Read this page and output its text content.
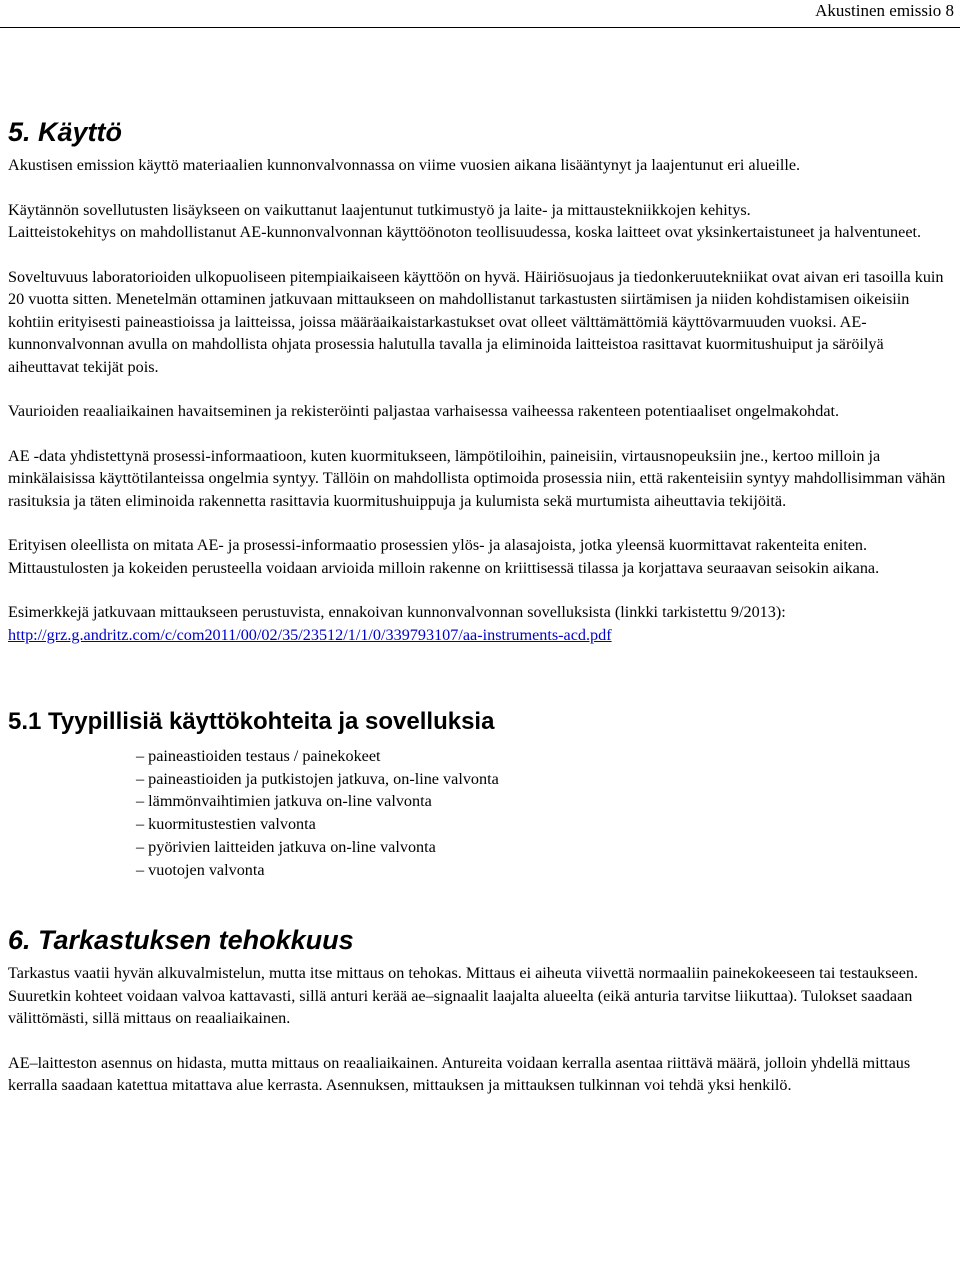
Akustinen emissio 8
5. Käyttö

Akustisen emission käyttö materiaalien kunnonvalvonnassa on viime vuosien aikana lisääntynyt ja laajentunut eri alueille.

Käytännön sovellutusten lisäykseen on vaikuttanut laajentunut tutkimustyö ja laite- ja mittaustekniikkojen kehitys.

Laitteistokehitys on mahdollistanut AE-kunnonvalvonnan käyttöönoton teollisuudessa, koska laitteet ovat yksinkertaistuneet ja halventuneet.

Soveltuvuus laboratorioiden ulkopuoliseen pitempiaikaiseen käyttöön on hyvä. Häiriösuojaus ja tiedonkeruutekniikat ovat aivan eri tasoilla kuin 20 vuotta sitten. Menetelmän ottaminen jatkuvaan mittaukseen on mahdollistanut tarkastusten siirtämisen ja niiden kohdistamisen oikeisiin kohtiin erityisesti paineastioissa ja laitteissa, joissa määräaikaistarkastukset ovat olleet välttämättömiä käyttövarmuuden vuoksi. AE-kunnonvalvonnan avulla on mahdollista ohjata prosessia halutulla tavalla ja eliminoida laitteistoa rasittavat kuormitushuiput ja säröilyä aiheuttavat tekijät pois.

Vaurioiden reaaliaikainen havaitseminen ja rekisteröinti paljastaa varhaisessa vaiheessa rakenteen potentiaaliset ongelmakohdat.

AE -data yhdistettynä prosessi-informaatioon, kuten kuormitukseen, lämpötiloihin, paineisiin, virtausnopeuksiin jne., kertoo milloin ja minkälaisissa käyttötilanteissa ongelmia syntyy. Tällöin on mahdollista optimoida prosessia niin, että rakenteisiin syntyy mahdollisimman vähän rasituksia ja täten eliminoida rakennetta rasittavia kuormitushuippuja ja kulumista sekä murtumista aiheuttavia tekijöitä.

Erityisen oleellista on mitata AE- ja prosessi-informaatio prosessien ylös- ja alasajoista, jotka yleensä kuormittavat rakenteita eniten. Mittaustulosten ja kokeiden perusteella voidaan arvioida milloin rakenne on kriittisessä tilassa ja korjattava seuraavan seisokin aikana.

Esimerkkejä jatkuvaan mittaukseen perustuvista, ennakoivan kunnonvalvonnan sovelluksista (linkki tarkistettu 9/2013):

http://grz.g.andritz.com/c/com2011/00/02/35/23512/1/1/0/339793107/aa-instruments-acd.pdf

5.1 Tyypillisiä käyttökohteita ja sovelluksia
– paineastioiden testaus / painekokeet
– paineastioiden ja putkistojen jatkuva, on-line valvonta
– lämmönvaihtimien jatkuva on-line valvonta
– kuormitustestien valvonta
– pyörivien laitteiden jatkuva on-line valvonta
– vuotojen valvonta
6. Tarkastuksen tehokkuus

Tarkastus vaatii hyvän alkuvalmistelun, mutta itse mittaus on tehokas. Mittaus ei aiheuta viivettä normaaliin painekokeeseen tai testaukseen. Suuretkin kohteet voidaan valvoa kattavasti, sillä anturi kerää ae–signaalit laajalta alueelta (eikä anturia tarvitse liikuttaa). Tulokset saadaan välittömästi, sillä mittaus on reaaliaikainen.

AE–laitteston asennus on hidasta, mutta mittaus on reaaliaikainen. Antureita voidaan kerralla asentaa riittävä määrä, jolloin yhdellä mittaus kerralla saadaan katettua mitattava alue kerrasta. Asennuksen, mittauksen ja mittauksen tulkinnan voi tehdä yksi henkilö.
